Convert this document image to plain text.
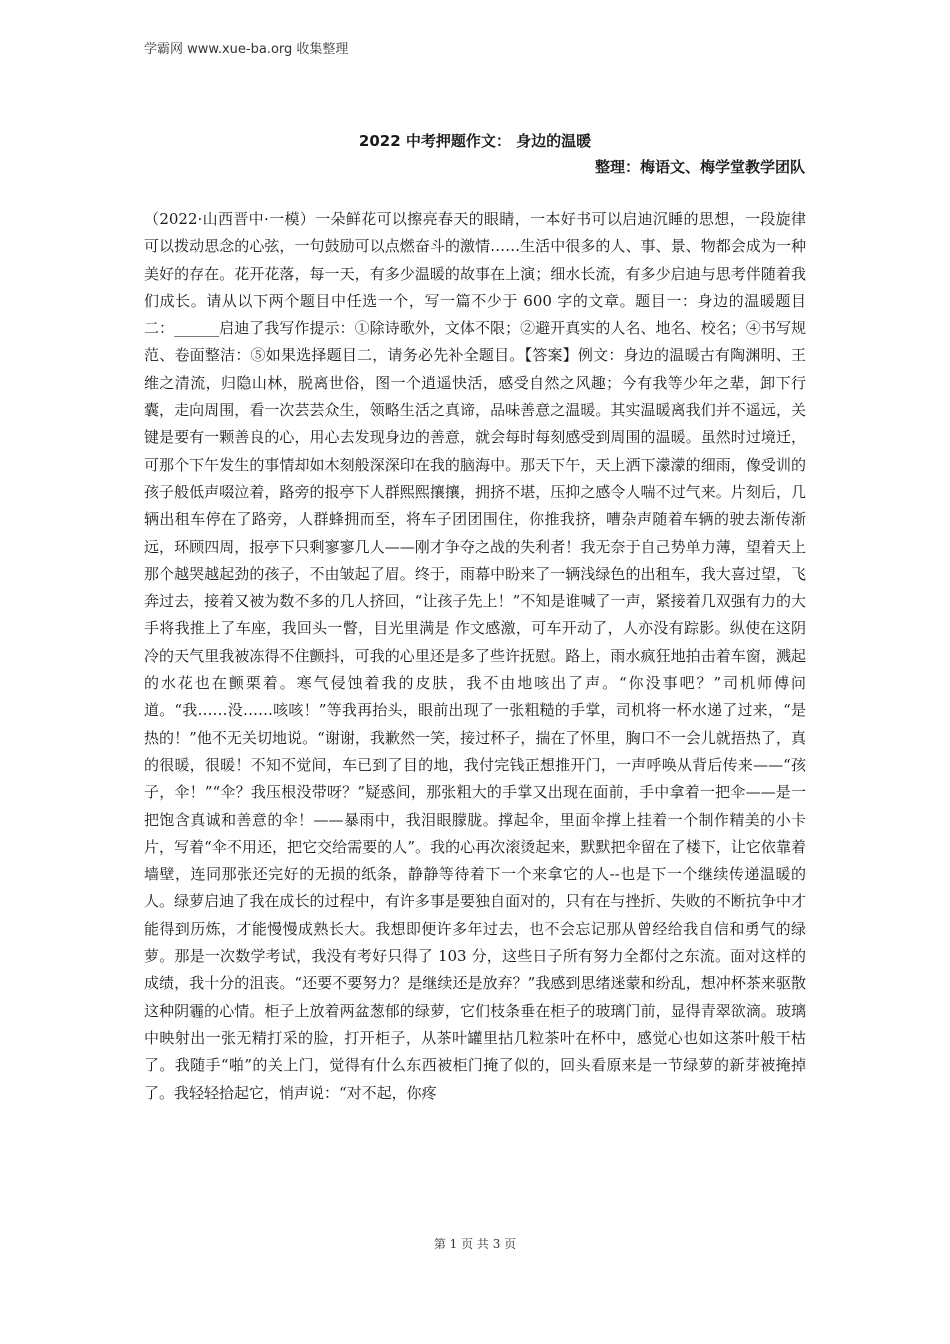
学霸网 www.xue-ba.org 收集整理
2022 中考押题作文： 身边的温暖
整理：梅语文、梅学堂教学团队

（2022·山西晋中·一模）一朵鲜花可以擦亮春天的眼睛，一本好书可以启迪沉睡的思想，一段旋律可以拨动思念的心弦，一句鼓励可以点燃奋斗的激情……生活中很多的人、事、景、物都会成为一种美好的存在。花开花落，每一天，有多少温暖的故事在上演；细水长流，有多少启迪与思考伴随着我们成长。请从以下两个题目中任选一个，写一篇不少于 600 字的文章。题目一：身边的温暖题目二：______启迪了我写作提示：①除诗歌外，文体不限；②避开真实的人名、地名、校名；④书写规范、卷面整洁：⑤如果选择题目二，请务必先补全题目。【答案】例文：身边的温暖古有陶渊明、王维之清流，归隐山林，脱离世俗，图一个逍遥快活，感受自然之风趣；今有我等少年之辈，卸下行囊，走向周围，看一次芸芸众生，领略生活之真谛，品味善意之温暖。其实温暖离我们并不遥远，关键是要有一颗善良的心，用心去发现身边的善意，就会每时每刻感受到周围的温暖。虽然时过境迁，可那个下午发生的事情却如木刻般深深印在我的脑海中。那天下午，天上洒下濛濛的细雨，像受训的孩子般低声啜泣着，路旁的报亭下人群熙熙攘攘，拥挤不堪，压抑之感令人喘不过气来。片刻后，几辆出租车停在了路旁，人群蜂拥而至，将车子团团围住，你推我挤，嘈杂声随着车辆的驶去渐传渐远，环顾四周，报亭下只剩寥寥几人——刚才争夺之战的失利者！我无奈于自己势单力薄，望着天上那个越哭越起劲的孩子，不由皱起了眉。终于，雨幕中盼来了一辆浅绿色的出租车，我大喜过望，飞奔过去，接着又被为数不多的几人挤回，“让孩子先上！”不知是谁喊了一声，紧接着几双强有力的大手将我推上了车座，我回头一瞥，目光里满是 作文感激，可车开动了，人亦没有踪影。纵使在这阴冷的天气里我被冻得不住颤抖，可我的心里还是多了些许抚慰。路上，雨水疯狂地拍击着车窗，溅起的水花也在颤栗着。寒气侵蚀着我的皮肤，我不由地咳出了声。“你没事吧？”司机师傅问道。“我……没……咳咳！”等我再抬头，眼前出现了一张粗糙的手掌，司机将一杯水递了过来，“是热的！”他不无关切地说。“谢谢，我歉然一笑，接过杯子，揣在了怀里，胸口不一会儿就捂热了，真的很暖，很暖！不知不觉间，车已到了目的地，我付完钱正想推开门，一声呼唤从背后传来——“孩子，伞！”“伞？我压根没带呀？”疑惑间，那张粗大的手掌又出现在面前，手中拿着一把伞——是一把饱含真诚和善意的伞！——暴雨中，我泪眼朦胧。撑起伞，里面伞撑上挂着一个制作精美的小卡片，写着“伞不用还，把它交给需要的人”。我的心再次滚烫起来，默默把伞留在了楼下，让它依靠着墙壁，连同那张还完好的无损的纸条，静静等待着下一个来拿它的人--也是下一个继续传递温暖的人。绿萝启迪了我在成长的过程中，有许多事是要独自面对的，只有在与挫折、失败的不断抗争中才能得到历炼，才能慢慢成熟长大。我想即便许多年过去，也不会忘记那从曾经给我自信和勇气的绿萝。那是一次数学考试，我没有考好只得了 103 分，这些日子所有努力全都付之东流。面对这样的成绩，我十分的沮丧。“还要不要努力？是继续还是放弃？”我感到思绪迷蒙和纷乱，想冲杯茶来驱散这种阴霾的心情。柜子上放着两盆葱郁的绿萝，它们枝条垂在柜子的玻璃门前，显得青翠欲滴。玻璃中映射出一张无精打采的脸，打开柜子，从茶叶罐里拈几粒茶叶在杯中，感觉心也如这茶叶般干枯了。我随手“啪”的关上门，觉得有什么东西被柜门掩了似的，回头看原来是一节绿萝的新芽被掩掉了。我轻轻拾起它，悄声说：“对不起，你疼

第 1 页 共 3 页
